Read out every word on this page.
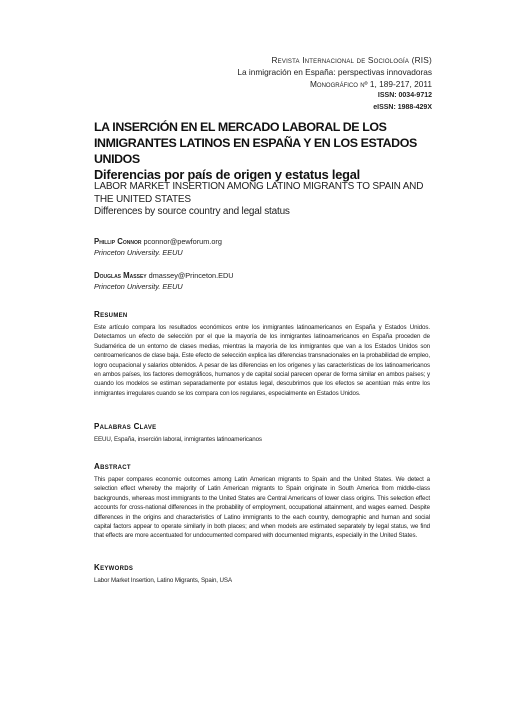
Revista Internacional de Sociología (RIS)
La inmigración en España: perspectivas innovadoras
Monográfico nº 1, 189-217, 2011
ISSN: 0034-9712
eISSN: 1988-429X
LA INSERCIÓN EN EL MERCADO LABORAL DE LOS INMIGRANTES LATINOS EN ESPAÑA Y EN LOS ESTADOS UNIDOS
Diferencias por país de origen y estatus legal
LABOR MARKET INSERTION AMONG LATINO MIGRANTS TO SPAIN AND THE UNITED STATES
Differences by source country and legal status
Phillip Connor pconnor@pewforum.org
Princeton University. EEUU
Douglas Massey dmassey@Princeton.EDU
Princeton University. EEUU
Resumen
Este artículo compara los resultados económicos entre los inmigrantes latinoamericanos en España y Estados Unidos. Detectamos un efecto de selección por el que la mayoría de los inmigrantes latinoamericanos en España proceden de Sudamérica de un entorno de clases medias, mientras la mayoría de los inmigrantes que van a los Estados Unidos son centroamericanos de clase baja. Este efecto de selección explica las diferencias transnacionales en la probabilidad de empleo, logro ocupacional y salarios obtenidos. A pesar de las diferencias en los orígenes y las características de los latinoamericanos en ambos países, los factores demográficos, humanos y de capital social parecen operar de forma similar en ambos países; y cuando los modelos se estiman separadamente por estatus legal, descubrimos que los efectos se acentúan más entre los inmigrantes irregulares cuando se los compara con los regulares, especialmente en Estados Unidos.
Palabras Clave
EEUU, España, inserción laboral, inmigrantes latinoamericanos
Abstract
This paper compares economic outcomes among Latin American migrants to Spain and the United States. We detect a selection effect whereby the majority of Latin American migrants to Spain originate in South America from middle-class backgrounds, whereas most immigrants to the United States are Central Americans of lower class origins. This selection effect accounts for cross-national differences in the probability of employment, occupational attainment, and wages earned. Despite differences in the origins and characteristics of Latino immigrants to the each country, demographic and human and social capital factors appear to operate similarly in both places; and when models are estimated separately by legal status, we find that effects are more accentuated for undocumented compared with documented migrants, especially in the United States.
Keywords
Labor Market Insertion, Latino Migrants, Spain, USA
